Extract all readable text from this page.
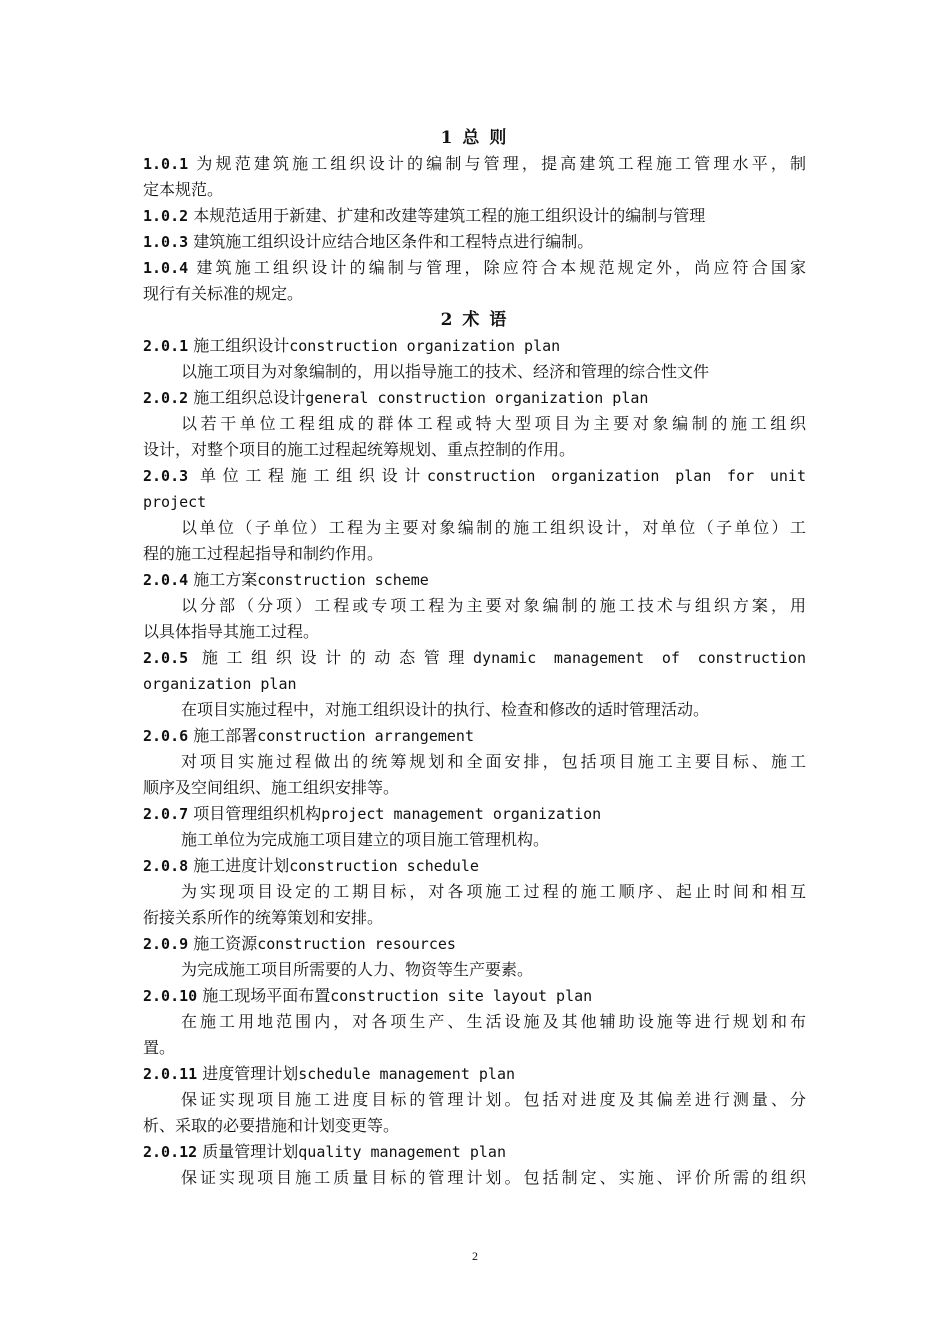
1 总 则
1.0.1 为规范建筑施工组织设计的编制与管理，提高建筑工程施工管理水平，制
定本规范。
1.0.2 本规范适用于新建、扩建和改建等建筑工程的施工组织设计的编制与管理
1.0.3 建筑施工组织设计应结合地区条件和工程特点进行编制。
1.0.4 建筑施工组织设计的编制与管理，除应符合本规范规定外，尚应符合国家
现行有关标准的规定。
2 术 语
2.0.1 施工组织设计construction organization plan
以施工项目为对象编制的，用以指导施工的技术、经济和管理的综合性文件
2.0.2 施工组织总设计general construction organization plan
以若干单位工程组成的群体工程或特大型项目为主要对象编制的施工组织
设计，对整个项目的施工过程起统筹规划、重点控制的作用。
2.0.3 单位工程施工组织设计construction organization plan for unit
project
以单位（子单位）工程为主要对象编制的施工组织设计，对单位（子单位）工
程的施工过程起指导和制约作用。
2.0.4 施工方案construction scheme
以分部（分项）工程或专项工程为主要对象编制的施工技术与组织方案，用
以具体指导其施工过程。
2.0.5 施工组织设计的动态管理dynamic management of construction
organization plan
在项目实施过程中，对施工组织设计的执行、检查和修改的适时管理活动。
2.0.6 施工部署construction arrangement
对项目实施过程做出的统筹规划和全面安排，包括项目施工主要目标、施工
顺序及空间组织、施工组织安排等。
2.0.7 项目管理组织机构project management organization
施工单位为完成施工项目建立的项目施工管理机构。
2.0.8 施工进度计划construction schedule
为实现项目设定的工期目标，对各项施工过程的施工顺序、起止时间和相互
衔接关系所作的统筹策划和安排。
2.0.9 施工资源construction resources
为完成施工项目所需要的人力、物资等生产要素。
2.0.10 施工现场平面布置construction site layout plan
在施工用地范围内，对各项生产、生活设施及其他辅助设施等进行规划和布
置。
2.0.11 进度管理计划schedule management plan
保证实现项目施工进度目标的管理计划。包括对进度及其偏差进行测量、分
析、采取的必要措施和计划变更等。
2.0.12 质量管理计划quality management plan
保证实现项目施工质量目标的管理计划。包括制定、实施、评价所需的组织
2
